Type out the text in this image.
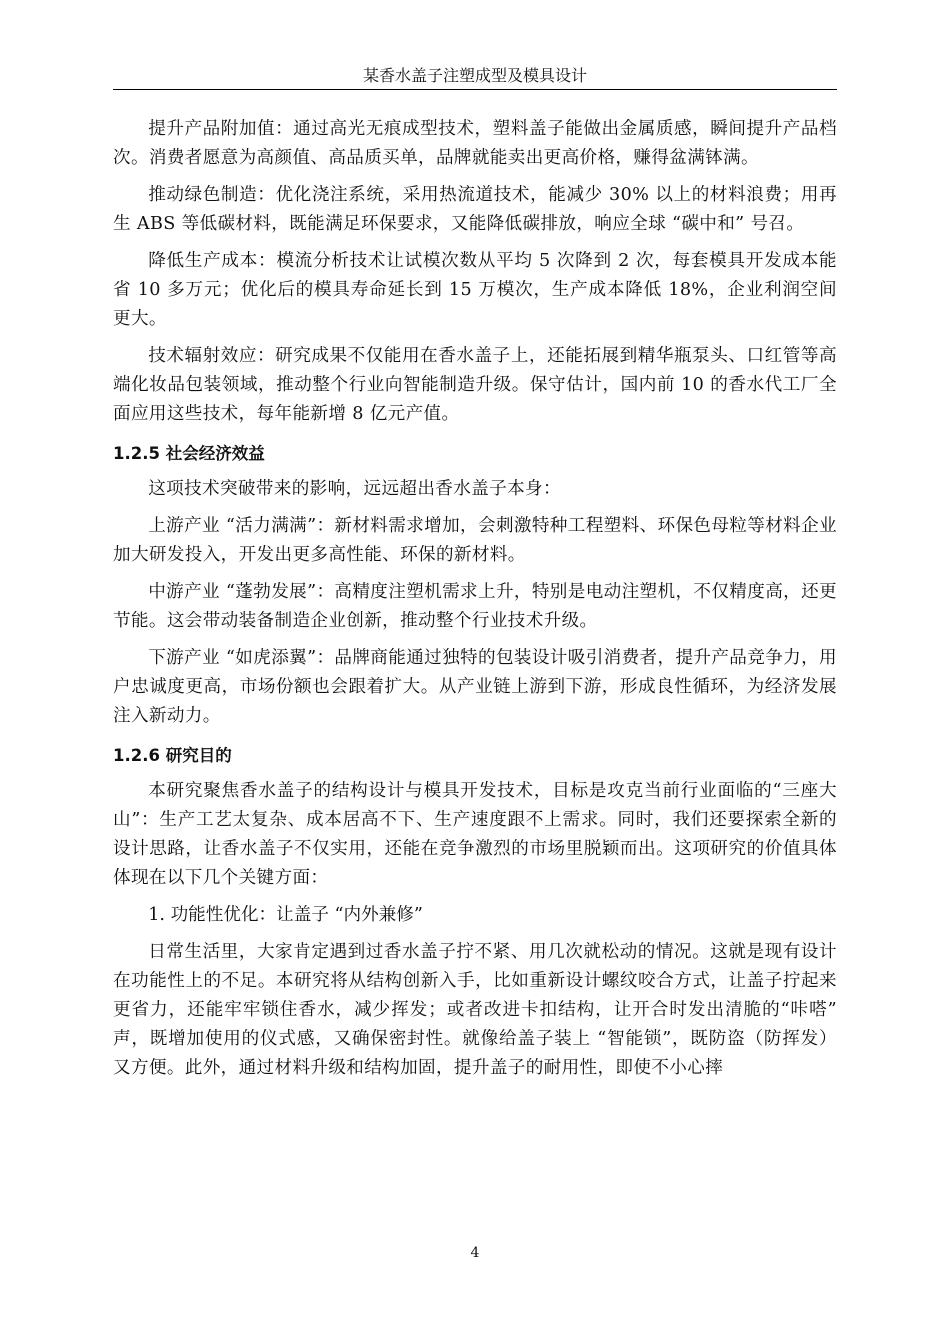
某香水盖子注塑成型及模具设计

提升产品附加值：通过高光无痕成型技术，塑料盖子能做出金属质感，瞬间提升产品档次。消费者愿意为高颜值、高品质买单，品牌就能卖出更高价格，赚得盆满钵满。

推动绿色制造：优化浇注系统，采用热流道技术，能减少 30% 以上的材料浪费；用再生 ABS 等低碳材料，既能满足环保要求，又能降低碳排放，响应全球 “碳中和” 号召。

降低生产成本：模流分析技术让试模次数从平均 5 次降到 2 次，每套模具开发成本能省 10 多万元；优化后的模具寿命延长到 15 万模次，生产成本降低 18%，企业利润空间更大。

技术辐射效应：研究成果不仅能用在香水盖子上，还能拓展到精华瓶泵头、口红管等高端化妆品包装领域，推动整个行业向智能制造升级。保守估计，国内前 10 的香水代工厂全面应用这些技术，每年能新增 8 亿元产值。

1.2.5 社会经济效益

这项技术突破带来的影响，远远超出香水盖子本身：

上游产业 “活力满满”：新材料需求增加，会刺激特种工程塑料、环保色母粒等材料企业加大研发投入，开发出更多高性能、环保的新材料。

中游产业 “蓬勃发展”：高精度注塑机需求上升，特别是电动注塑机，不仅精度高，还更节能。这会带动装备制造企业创新，推动整个行业技术升级。

下游产业 “如虎添翼”：品牌商能通过独特的包装设计吸引消费者，提升产品竞争力，用户忠诚度更高，市场份额也会跟着扩大。从产业链上游到下游，形成良性循环，为经济发展注入新动力。

1.2.6 研究目的

本研究聚焦香水盖子的结构设计与模具开发技术，目标是攻克当前行业面临的“三座大山”：生产工艺太复杂、成本居高不下、生产速度跟不上需求。同时，我们还要探索全新的设计思路，让香水盖子不仅实用，还能在竞争激烈的市场里脱颖而出。这项研究的价值具体体现在以下几个关键方面：

1. 功能性优化：让盖子 “内外兼修”

日常生活里，大家肯定遇到过香水盖子拧不紧、用几次就松动的情况。这就是现有设计在功能性上的不足。本研究将从结构创新入手，比如重新设计螺纹咬合方式，让盖子拧起来更省力，还能牢牢锁住香水，减少挥发；或者改进卡扣结构，让开合时发出清脆的“咔嗒” 声，既增加使用的仪式感，又确保密封性。就像给盖子装上 “智能锁”，既防盗（防挥发）又方便。此外，通过材料升级和结构加固，提升盖子的耐用性，即使不小心摔

4
